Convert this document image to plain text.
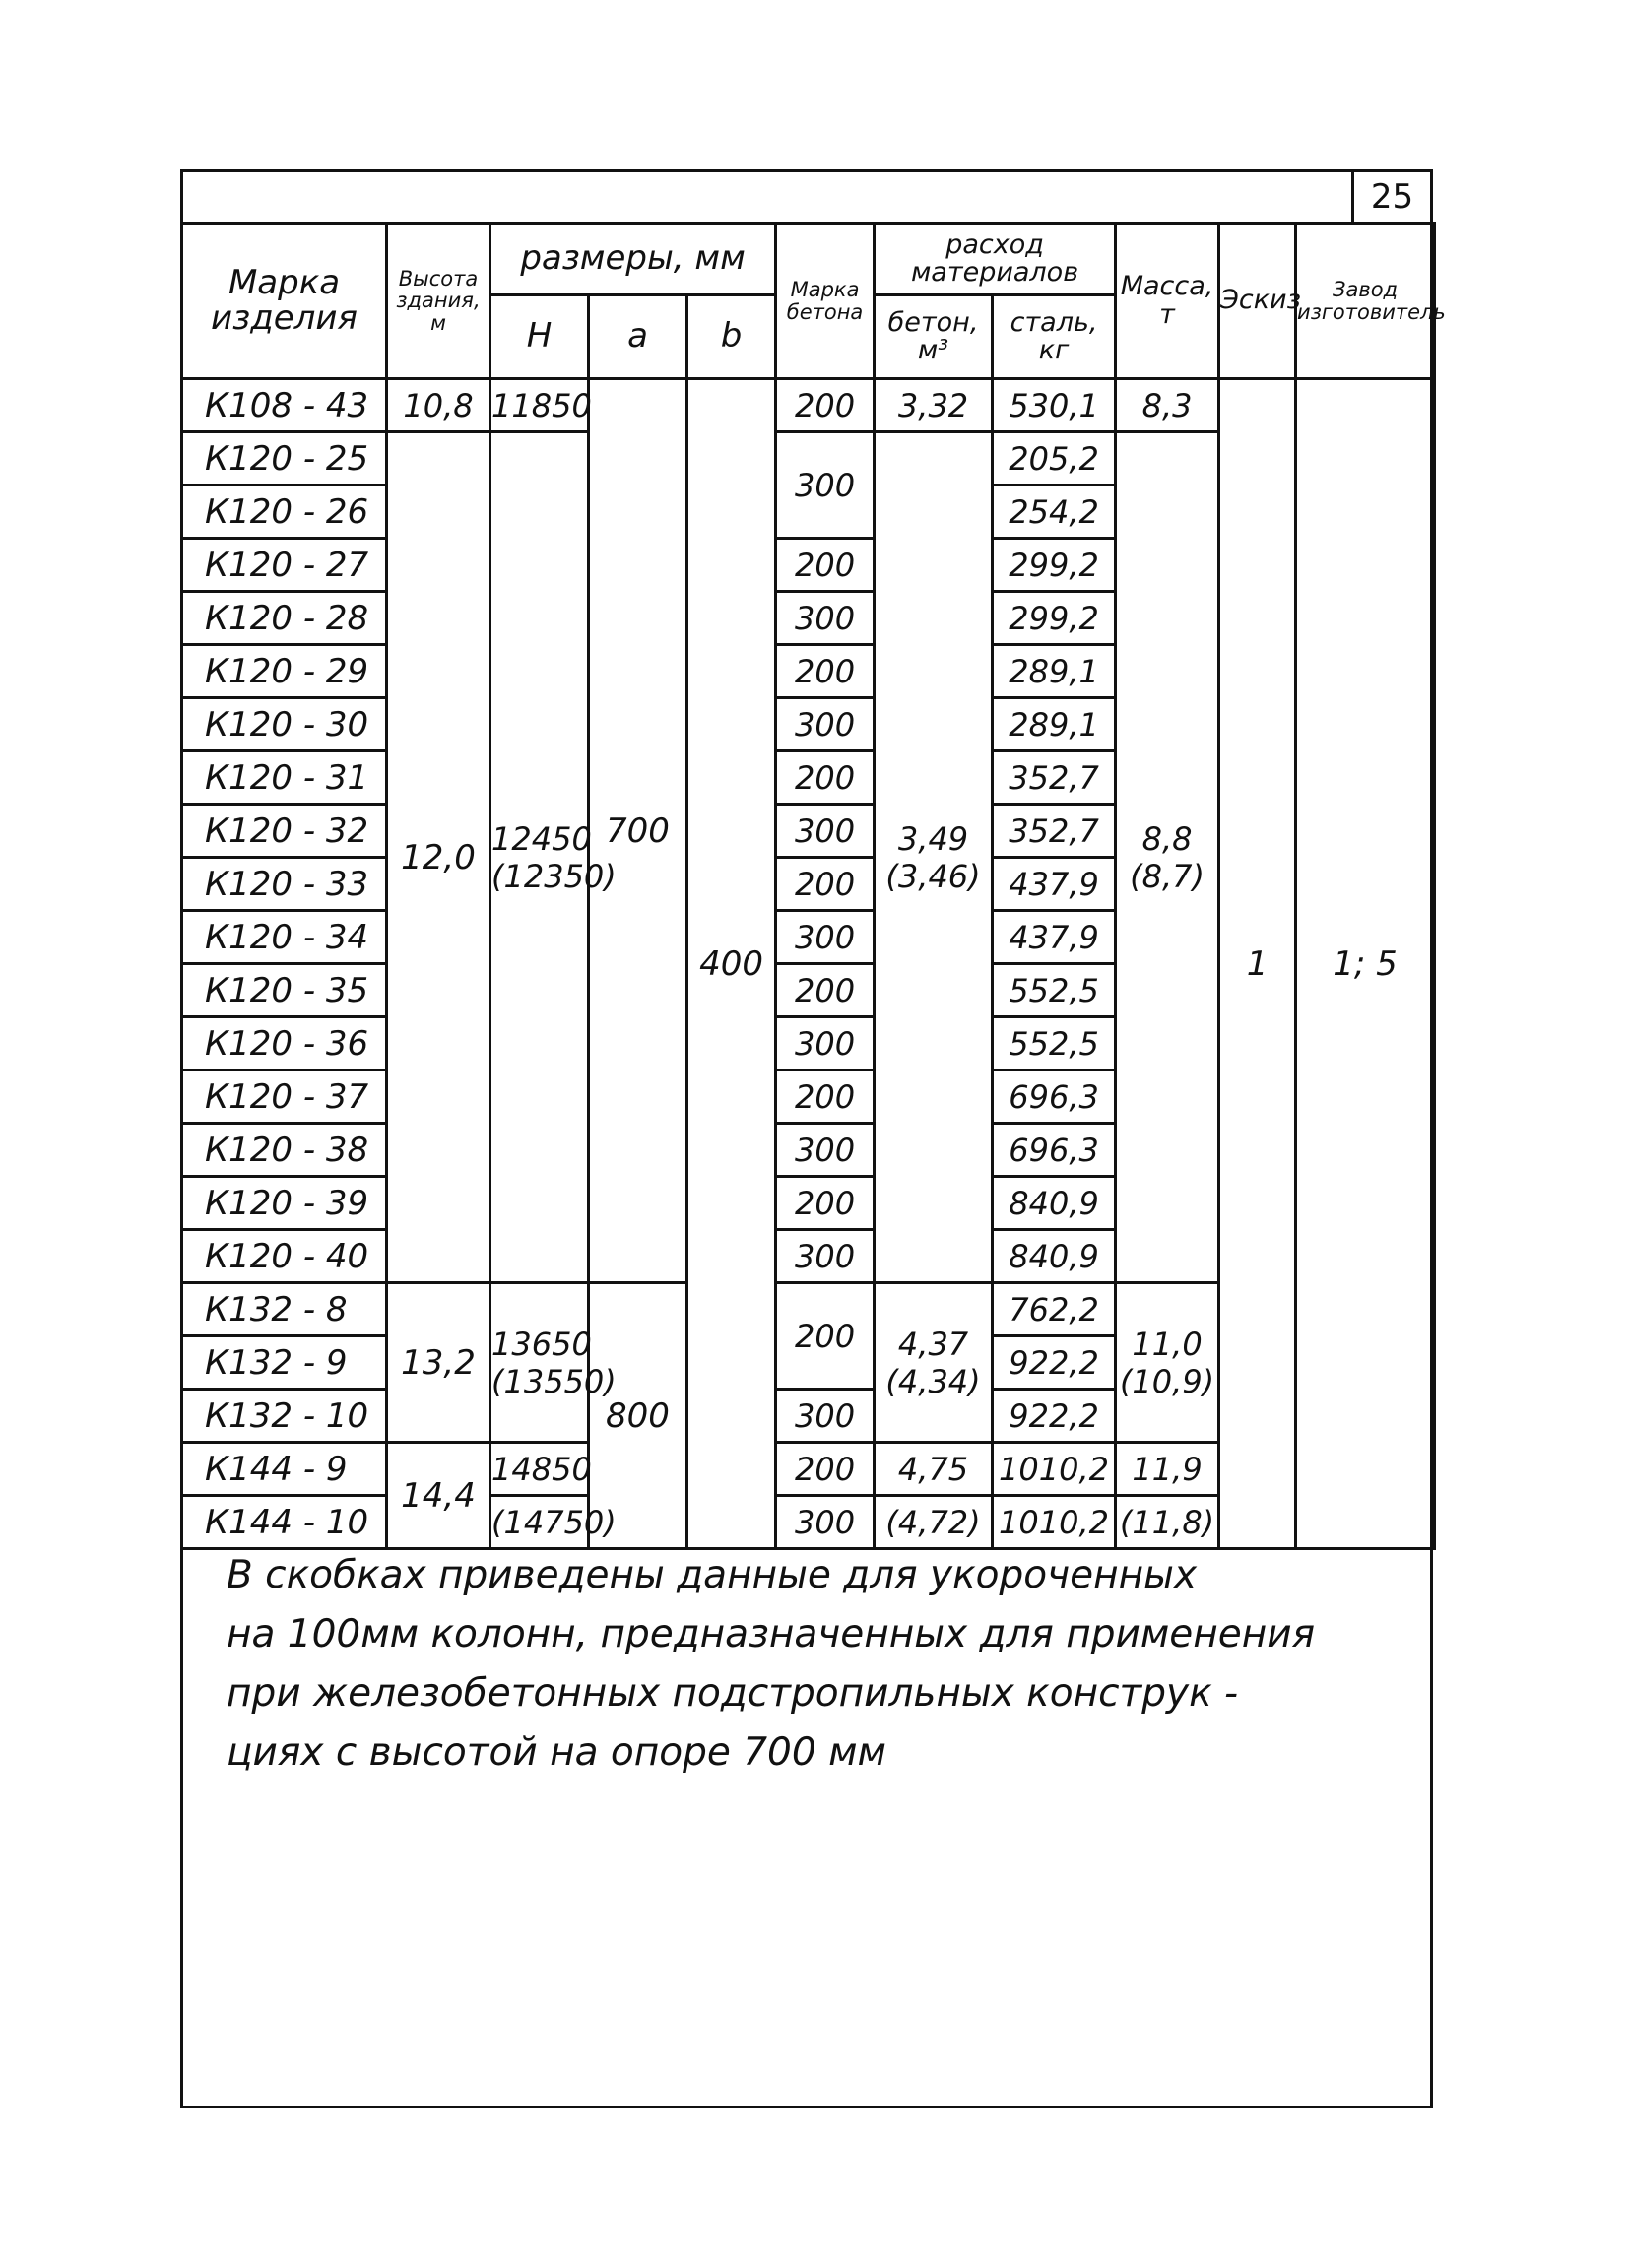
25
Марка изделия	Высота здания, м	размеры, мм			Марка бетона	расход материалов		Масса, т	Эскиз	Завод изготовитель
		Н	а	b		бетон, м³	сталь, кг			
К108 - 43	10,8	11850	700	400	200	3,32	530,1	8,3	1	1; 5
К120 - 25	12,0	12450 (12350)			300	3,49 (3,46)	205,2	8,8 (8,7)		
К120 - 26							254,2			
К120 - 27					200		299,2			
К120 - 28					300		299,2			
К120 - 29					200		289,1			
К120 - 30					300		289,1			
К120 - 31					200		352,7			
К120 - 32					300		352,7			
К120 - 33					200		437,9			
К120 - 34					300		437,9			
К120 - 35					200		552,5			
К120 - 36					300		552,5			
К120 - 37					200		696,3			
К120 - 38					300		696,3			
К120 - 39					200		840,9			
К120 - 40					300		840,9			
К132 - 8	13,2	13650 (13550)	800		200	4,37 (4,34)	762,2	11,0 (10,9)		
К132 - 9							922,2			
К132 - 10					300		922,2			
К144 - 9	14,4	14850			200	4,75	1010,2	11,9		
К144 - 10		(14750)			300	(4,72)	1010,2	(11,8)		

В скобках приведены данные для укороченных

на 100мм колонн, предназначенных для применения

при железобетонных подстропильных конструк -

циях с высотой на опоре 700 мм
